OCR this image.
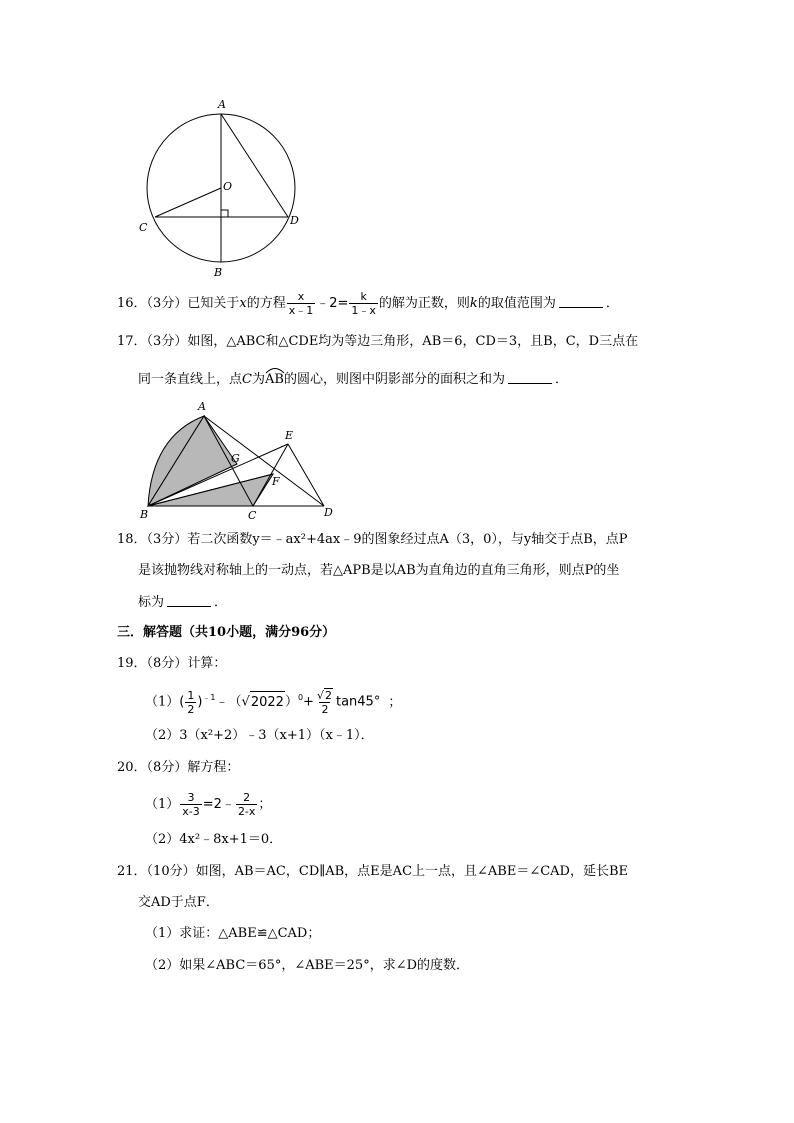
A
O
C
D
B
16．（3分）已知关于x的方程 $\frac{x}{x﹣1}$ ﹣2= $\frac{k}{1﹣x}$ 的解为正数，则k的取值范围为	．
17．（3分）如图，△ABC和△CDE均为等边三角形，AB＝6，CD＝3，且B，C，D三点在
同一条直线上，点C为
AB的圆心，则图中阴影部分的面积之和为	．
A
E
G
F
B	C	D
18．（3分）若二次函数y＝﹣ax²+4ax﹣9的图象经过点A（3，0），与y轴交于点B，点P
是该抛物线对称轴上的一动点，若△APB是以AB为直角边的直角三角形，则点P的坐
标为	．
三．解答题（共10小题，满分96分）
19．（8分）计算：
$(1)( \frac{1}{2}$ )$^{﹣1}﹣(√2022)^0+ \frac{√2}{2} \tan 45^\circ$ ；
（2）3（x²+2）﹣3（x+1）（x﹣1）．
20．（8分）解方程：
$(1) \frac{3}{x-3}$ =2﹣ $\frac{2}{2-x}$ ；
（2）4x²﹣8x+1＝0．
21．（10分）如图，AB＝AC，CD∥AB，点E是AC上一点，且∠ABE＝∠CAD，延长BE
交AD于点F．
（1）求证：△ABE≌△CAD；
（2）如果∠ABC＝65°，∠ABE＝25°，求∠D的度数．
